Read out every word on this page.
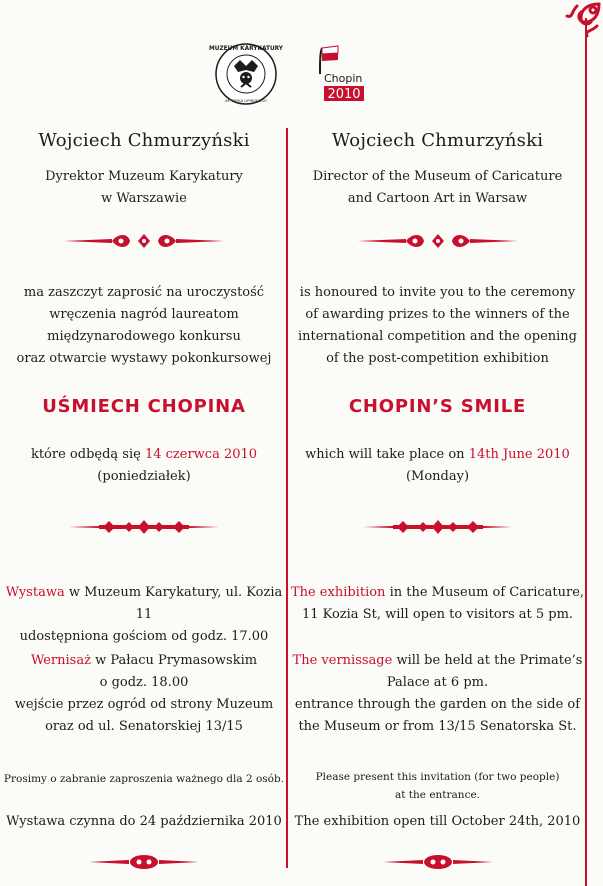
MUZEUM KARYKATURY
IM. ERYKA LIPIŃSKIEGO
Chopin
2010
Wojciech Chmurzyński
Dyrektor Muzeum Karykatury
w Warszawie
ma zaszczyt zaprosić na uroczystość
wręczenia nagród laureatom
międzynarodowego konkursu
oraz otwarcie wystawy pokonkursowej
UŚMIECH CHOPINA
które odbędą się 14 czerwca 2010
(poniedziałek)
Wystawa w Muzeum Karykatury, ul. Kozia 11
udostępniona gościom od godz. 17.00
Wernisaż w Pałacu Prymasowskim
o godz. 18.00
wejście przez ogród od strony Muzeum
oraz od ul. Senatorskiej 13/15
Prosimy o zabranie zaproszenia ważnego dla 2 osób.
Wystawa czynna do 24 października 2010
Wojciech Chmurzyński
Director of the Museum of Caricature
and Cartoon Art in Warsaw
is honoured to invite you to the ceremony
of awarding prizes to the winners of the
international competition and the opening
of the post-competition exhibition
CHOPIN’S SMILE
which will take place on 14th June 2010
(Monday)
The exhibition in the Museum of Caricature,
11 Kozia St, will open to visitors at 5 pm.
The vernissage will be held at the Primate’s
Palace at 6 pm.
entrance through the garden on the side of
the Museum or from 13/15 Senatorska St.
Please present this invitation (for two people)
at the entrance.
The exhibition open till October 24th, 2010
